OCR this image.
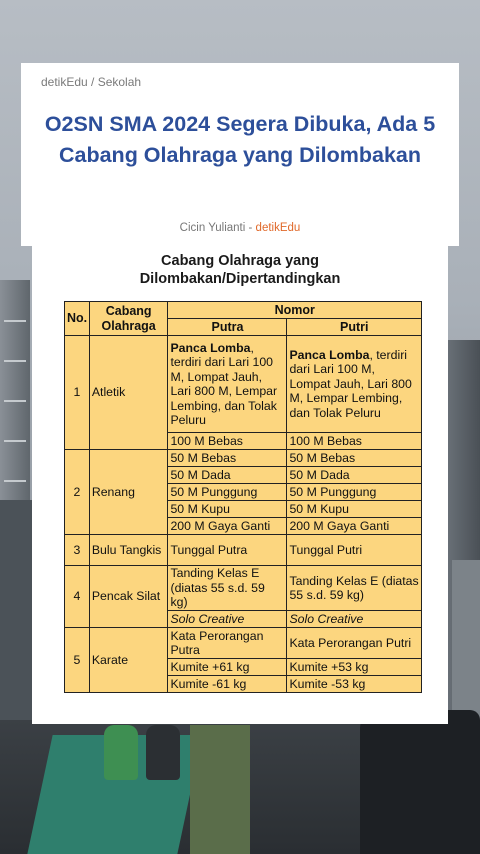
detikEdu / Sekolah
O2SN SMA 2024 Segera Dibuka, Ada 5 Cabang Olahraga yang Dilombakan
Cicin Yulianti - detikEdu
Cabang Olahraga yang
Dilombakan/Dipertandingkan
No.	Cabang Olahraga	Nomor	
		Putra	Putri
1	Atletik	Panca Lomba, terdiri dari Lari 100 M, Lompat Jauh, Lari 800 M, Lempar Lembing, dan Tolak Peluru	Panca Lomba, terdiri dari Lari 100 M, Lompat Jauh, Lari 800 M, Lempar Lembing, dan Tolak Peluru
		100 M Bebas	100 M Bebas
2	Renang	50 M Bebas	50 M Bebas
		50 M Dada	50 M Dada
		50 M Punggung	50 M Punggung
		50 M Kupu	50 M Kupu
		200 M Gaya Ganti	200 M Gaya Ganti
3	Bulu Tangkis	Tunggal Putra	Tunggal Putri
4	Pencak Silat	Tanding Kelas E (diatas 55 s.d. 59 kg)	Tanding Kelas E (diatas 55 s.d. 59 kg)
		Solo Creative	Solo Creative
5	Karate	Kata Perorangan Putra	Kata Perorangan Putri
		Kumite +61 kg	Kumite +53 kg
		Kumite -61 kg	Kumite -53 kg
